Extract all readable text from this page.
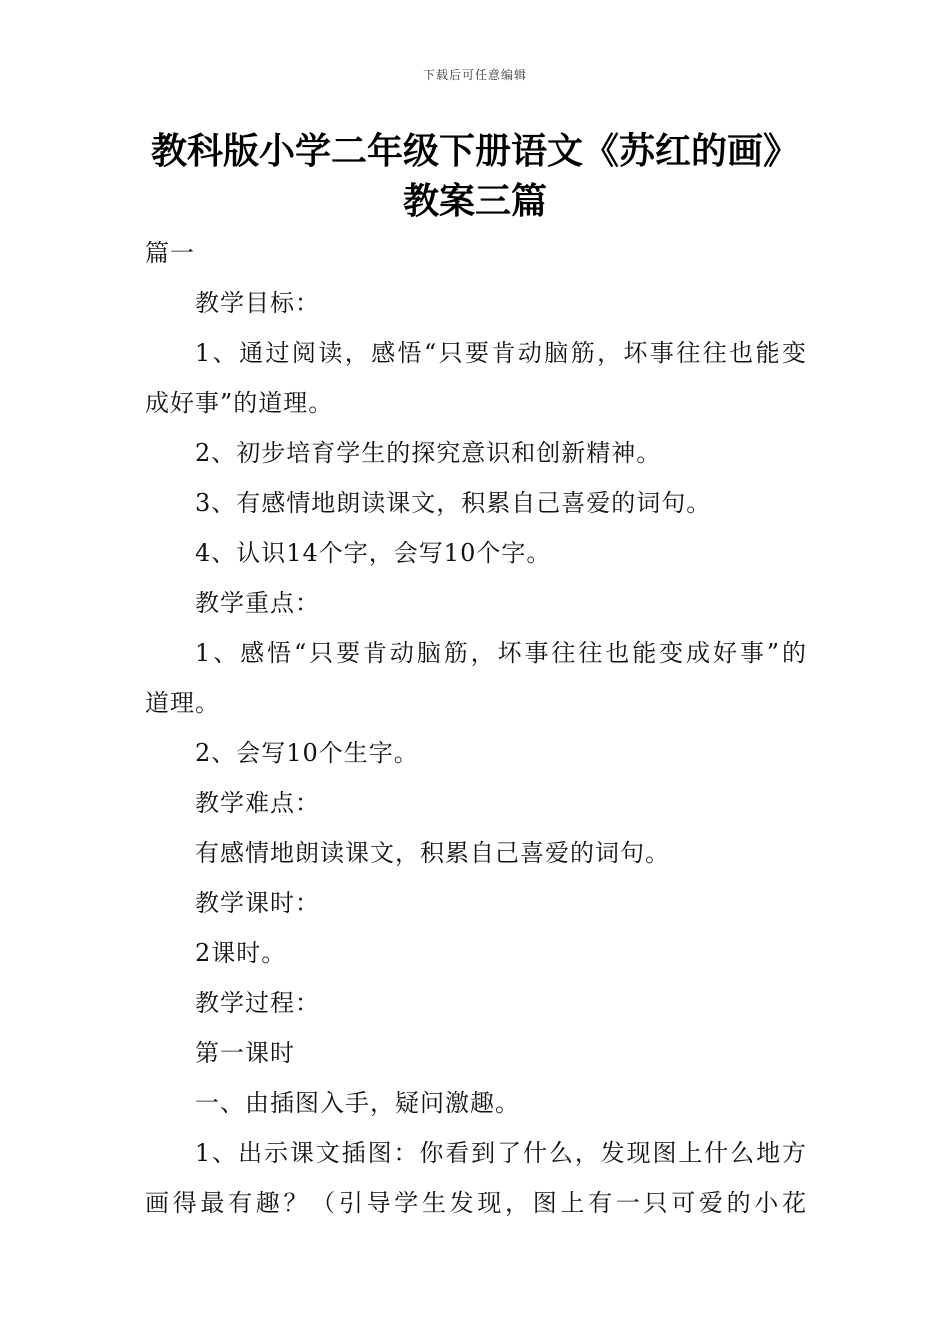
下载后可任意编辑
教科版小学二年级下册语文《苏红的画》
教案三篇
篇一
教学目标：
1、通过阅读，感悟“只要肯动脑筋，坏事往往也能变
成好事”的道理。
2、初步培育学生的探究意识和创新精神。
3、有感情地朗读课文，积累自己喜爱的词句。
4、认识14个字，会写10个字。
教学重点：
1、感悟“只要肯动脑筋，坏事往往也能变成好事”的
道理。
2、会写10个生字。
教学难点：
有感情地朗读课文，积累自己喜爱的词句。
教学课时：
2课时。
教学过程：
第一课时
一、由插图入手，疑问激趣。
1、出示课文插图：你看到了什么，发现图上什么地方
画得最有趣？（引导学生发现，图上有一只可爱的小花
